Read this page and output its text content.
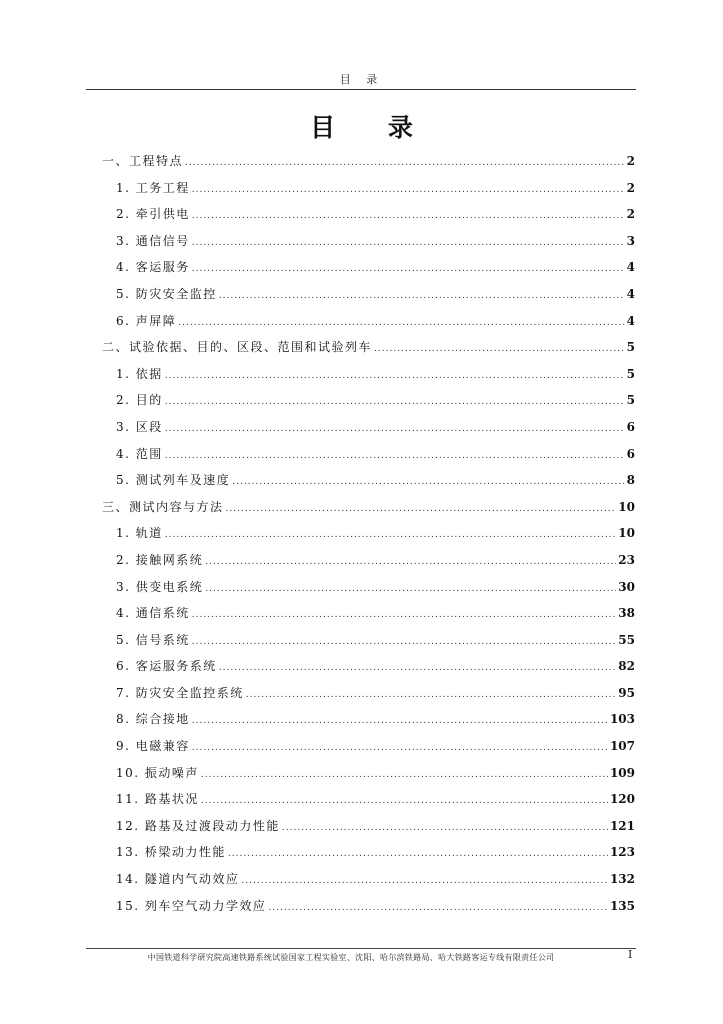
目 录
目 录
一、工程特点 .....	2
1. 工务工程 .....	2
2. 牵引供电 .....	2
3. 通信信号 .....	3
4. 客运服务 .....	4
5. 防灾安全监控 .....	4
6. 声屏障 .....	4
二、试验依据、目的、区段、范围和试验列车 .....	5
1. 依据 .....	5
2. 目的 .....	5
3. 区段 .....	6
4. 范围 .....	6
5. 测试列车及速度 .....	8
三、测试内容与方法 .....	10
1. 轨道 .....	10
2. 接触网系统 .....	23
3. 供变电系统 .....	30
4. 通信系统 .....	38
5. 信号系统 .....	55
6. 客运服务系统 .....	82
7. 防灾安全监控系统 .....	95
8. 综合接地 .....	103
9. 电磁兼容 .....	107
10. 振动噪声 .....	109
11. 路基状况 .....	120
12. 路基及过渡段动力性能 .....	121
13. 桥梁动力性能 .....	123
14. 隧道内气动效应 .....	132
15. 列车空气动力学效应 .....	135
中国铁道科学研究院高速铁路系统试验国家工程实验室、沈阳、哈尔滨铁路局、哈大铁路客运专线有限责任公司	I
